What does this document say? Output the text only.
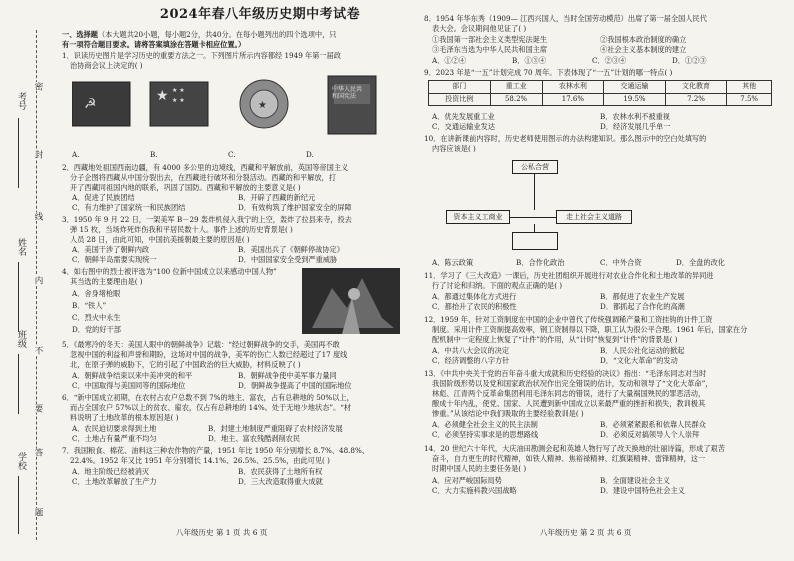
考号
姓名
班级
学校
密
封
线
内
不
要
答
题
2024年春八年级历史期中考试卷
一、选择题（本大题共20小题，每小题2分，共40分。在每小题列出的四个选项中，只
有一项符合题目要求。请将答案填涂在答题卡相应位置。）
1．识读历史图片是学习历史的重要方法之一。下列图片所示内容都经 1949 年第一届政
治协商会议上决定的( )
☭	★ ★ ★
★ ★	★
中华人民共和国宪法
A.	B.	C.	D.
2．西藏地处祖国西南边疆，有 4000 多公里的边境线，西藏和平解放前，英国等帝国主义
分子企图将西藏从中国分裂出去，在西藏进行破坏和分裂活动。西藏的和平解放，打
开了西藏同祖国内地的联系，巩固了国防。西藏和平解放的主要意义是( )
A．促进了民族团结	B．开辟了西藏的新纪元
C．有力维护了国家统一和民族团结	D．有效构筑了维护国家安全的屏障
3．1950 年 9 月 22 日，一架美军 B－29 轰炸机侵入我宁的上空，轰炸了拉县来寺，投去
弹 15 枚，当场炸死炸伤我和平居民数十人。事件上述的历史背景是( )
人员 28 日，由此可知，中国抗美援朝最主要的原因是( )
A．美国干涉了朝鲜内政	B．美国出兵了《朝鲜停战协定》
C．朝鲜半岛需要实现统一	D．中国国家安全受到严重威胁
4．如右图中的烈士被评选为“100 位新中国成立以来感动中国人物”
其当选的主要理由是( )
A．舍身堵枪眼
B．“铁人”
C．烈火中永生
D．党的好干部
5．《最寒冷的冬天：美国人眼中的朝鲜战争》记载：“经过朝鲜战争的交手，美国再不敢
忽视中国的利益和声誉和期盼，这场对中国的战争，美军的伤亡人数已经超过了17 度线
北，在原子弹的威胁下，它的引起了中国政治的巨大威胁，材料反映了( )
A．朝鲜战争结束以来中美冲突的和平	B．朝鲜战争使中美军事力量同
C．中国取得与美国同等的国际地位	D．朝鲜战争提高了中国的国际地位
6．“新中国成立初期，在农村占农户总数不到 7%的地主、富农，占有总耕地的 50%以上，
而占全国农户 57%以上的贫农、雇农，仅占有总耕地的 14%。处于无地少地状态”。“材
料说明了土地改革的根本原因是( )
A．农民迫切要求得到土地	B．封建土地制度严重阻碍了农村经济发展
C．土地占有量严重不均匀	D．地主、富农残酷剥削农民
7．我国粮食、棉花、油料这三种农作物的产量，1951 年比 1950 年分别增长 8.7%、48.8%、
22.4%。1952 年又比 1951 年分别增长 14.1%、26.5%、25.5%，由此可见( )
A．地主阶级已经被消灭	B．农民获得了土地所有权
C．土地改革解放了生产力	D．三大改造取得重大成就
八年级历史 第 1 页 共 6 页
8．1954 年华东秀（1909— 江西兴国人，当时全国劳动模范）出席了第一届全国人民代
表大会。会议期间他见证了( )
①我国第一部社会主义类型宪法诞生	②我国根本政治制度的确立
③毛泽东当选为中华人民共和国主席	④社会主义基本制度的建立
A．①②④	B．①③④	C．②③④	D．①②③
9．2023 年是“一五”计划完成 70 周年。下表体现了“一五”计划的哪一特点( )
部门	重工业	农林水利	交通运输	文化教育	其他
投资比例	58.2%	17.6%	19.5%	7.2%	7.5%
A．优先发展重工业	B．农林水利不被重视
C．交通运输业发达	D．经济发展几乎单一
10．在讲新课前内容时，历史老师使用图示的办法构建知识。那么图示中的空白处填写的
内容应该是( )
公私合营
资本主义工商业	走上社会主义道路
A．陈云政策	B．合作化政治	C．中外合资	D．全盘的改化
11．学习了《三大改造》一课后，历史社团组织开展进行对农业合作化和土地改革的异同进
行了讨论和归纳。下面的观点正确的是( )
A．都通过集体化方式进行	B．都促进了农业生产发展
C．都抬升了农民的积极性	D．都抓起了合作化的高潮
12．1959 年，针对工资制度在中国的企业中曾代了传统强调稀产量和工资挂钩的计件工资
制度。采用计件工资制提高效率，钢工资制得以下降，职工认为很公平合理。1961 年后，国家在分
配机制中一定程度上恢复了“计件”的作用，从“计时”恢复到“计件”的背景是( )
A．中共八大会议的决定	B．人民公社化运动的掀起
C．经济调整的八字方针	D．“文化大革命”的发动
13．《中共中央关于党的百年奋斗重大成就和历史经验的决议》指出：“毛泽东同志对当时
我国阶级形势以及党和国家政治状况作出完全错误的估计，发动和领导了“文化大革命”，
林彪、江青两个反革命集团利用毛泽东同志的错误，进行了大量祸国殃民的罪恶活动，
酿成十年内乱，使党、国家、人民遭到新中国成立以来最严重的挫折和损失，教训极其
惨重。”从该结论中我们吸取的主要经验教训是( )
A．必须健全社会主义的民主法制	B．必须紧紧跟系和依靠人民群众
C．必须坚持实事求是的思想路线	D．必须反对搞领导人个人崇拜
14．20 世纪六十年代，大庆油田勘测会起和英雄人物行写了改天换地的壮丽诗篇，形成了艰苦
奋斗，自力更生的时代精神，如铁人精神、焦裕禄精神、红旗渠精神、雷锋精神，这一
时期中国人民的主要任务是( )
A．应对严峻国际局势	B．全面建设社会主义
C．大力实施科教兴国战略	D．建设中国特色社会主义
八年级历史 第 2 页 共 6 页
